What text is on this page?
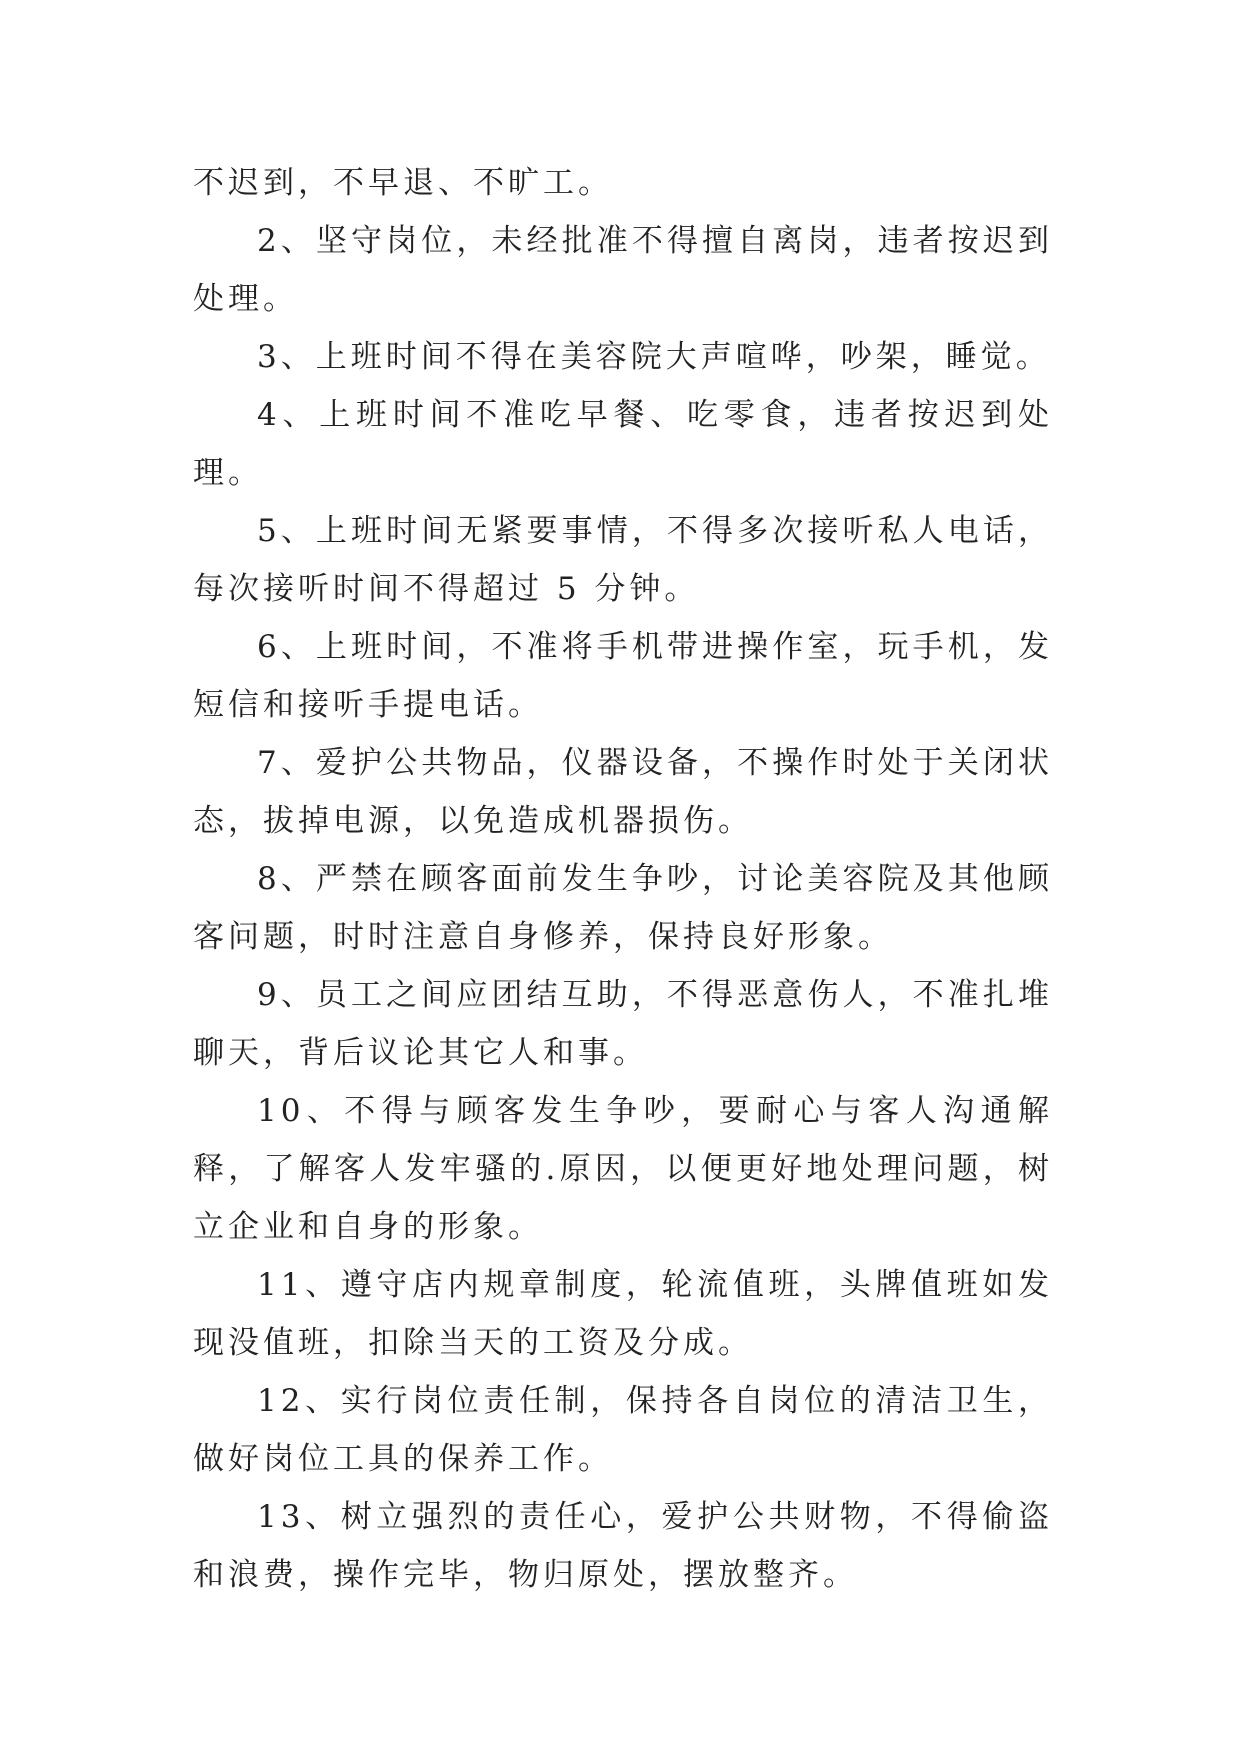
不迟到，不早退、不旷工。

2、坚守岗位，未经批准不得擅自离岗，违者按迟到处理。

3、上班时间不得在美容院大声喧哗，吵架，睡觉。

4、上班时间不准吃早餐、吃零食，违者按迟到处理。

5、上班时间无紧要事情，不得多次接听私人电话，每次接听时间不得超过 5 分钟。

6、上班时间，不准将手机带进操作室，玩手机，发短信和接听手提电话。

7、爱护公共物品，仪器设备，不操作时处于关闭状态，拔掉电源，以免造成机器损伤。

8、严禁在顾客面前发生争吵，讨论美容院及其他顾客问题，时时注意自身修养，保持良好形象。

9、员工之间应团结互助，不得恶意伤人，不准扎堆聊天，背后议论其它人和事。

10、不得与顾客发生争吵，要耐心与客人沟通解释，了解客人发牢骚的.原因，以便更好地处理问题，树立企业和自身的形象。

11、遵守店内规章制度，轮流值班，头牌值班如发现没值班，扣除当天的工资及分成。

12、实行岗位责任制，保持各自岗位的清洁卫生，做好岗位工具的保养工作。

13、树立强烈的责任心，爱护公共财物，不得偷盗和浪费，操作完毕，物归原处，摆放整齐。
